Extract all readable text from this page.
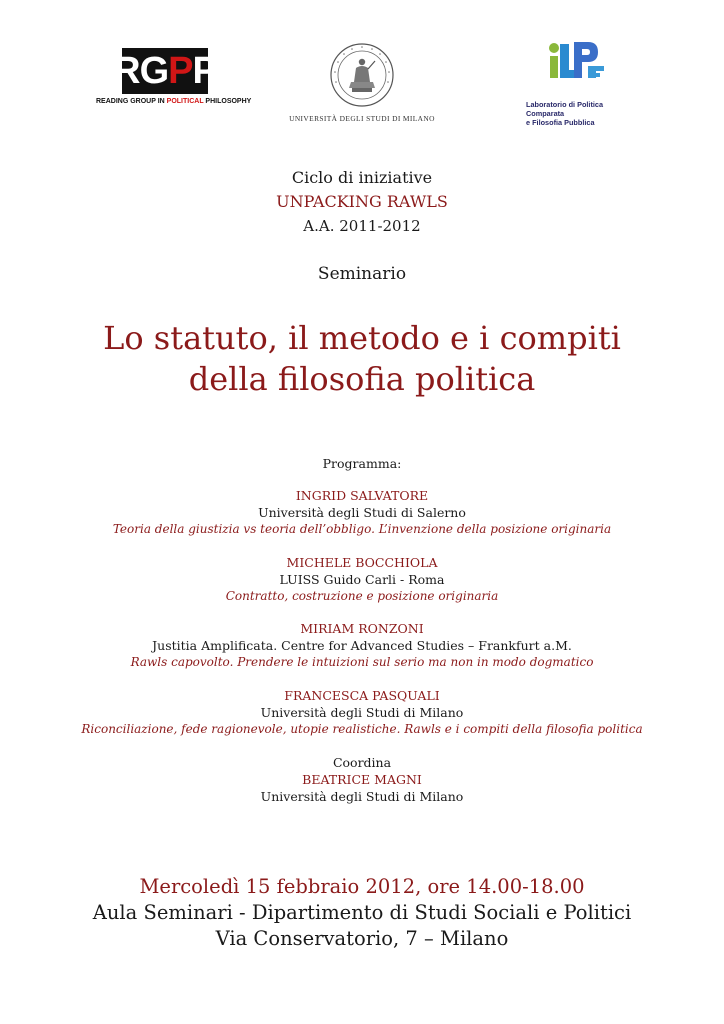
RG P P
READING GROUP IN POLITICAL PHILOSOPHY
UNIVERSITÀ DEGLI STUDI DI MILANO
Laboratorio di Politica Comparata
e Filosofia Pubblica
Ciclo di iniziative
UNPACKING RAWLS
A.A. 2011-2012
Seminario
Lo statuto, il metodo e i compiti
della filosofia politica
Programma:
INGRID SALVATORE
Università degli Studi di Salerno
Teoria della giustizia vs teoria dell’obbligo. L’invenzione della posizione originaria
MICHELE BOCCHIOLA
LUISS Guido Carli - Roma
Contratto, costruzione e posizione originaria
MIRIAM RONZONI
Justitia Amplificata. Centre for Advanced Studies – Frankfurt a.M.
Rawls capovolto. Prendere le intuizioni sul serio ma non in modo dogmatico
FRANCESCA PASQUALI
Università degli Studi di Milano
Riconciliazione, fede ragionevole, utopie realistiche. Rawls e i compiti della filosofia politica
Coordina
BEATRICE MAGNI
Università degli Studi di Milano
Mercoledì 15 febbraio 2012, ore 14.00-18.00
Aula Seminari - Dipartimento di Studi Sociali e Politici
Via Conservatorio, 7 – Milano
